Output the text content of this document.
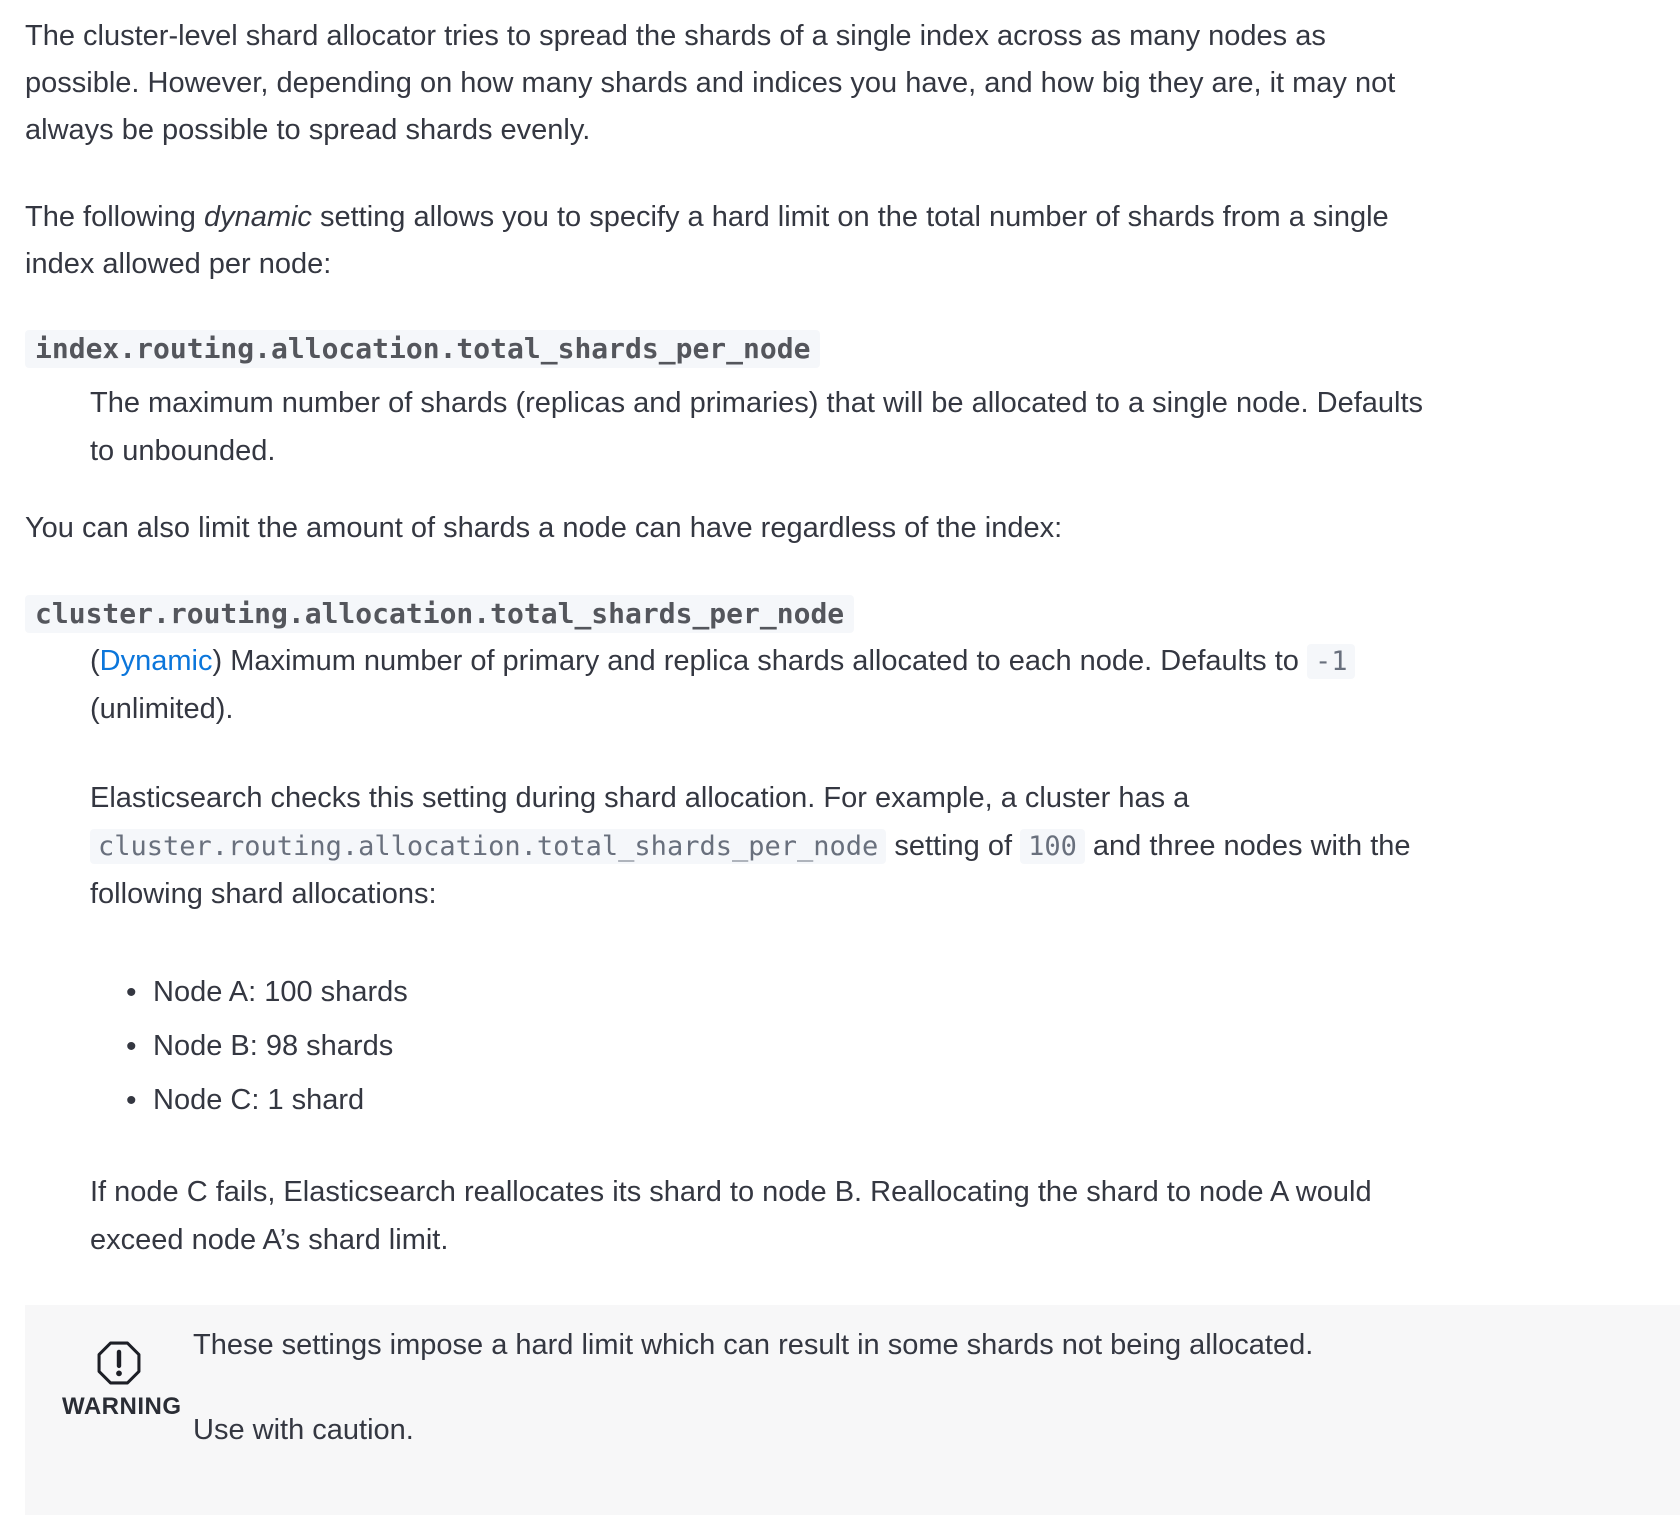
The cluster-level shard allocator tries to spread the shards of a single index across as many nodes as
possible. However, depending on how many shards and indices you have, and how big they are, it may not
always be possible to spread shards evenly.

The following dynamic setting allows you to specify a hard limit on the total number of shards from a single
index allowed per node:

index.routing.allocation.total_shards_per_node
The maximum number of shards (replicas and primaries) that will be allocated to a single node. Defaults
to unbounded.

You can also limit the amount of shards a node can have regardless of the index:

cluster.routing.allocation.total_shards_per_node
(Dynamic) Maximum number of primary and replica shards allocated to each node. Defaults to -1
(unlimited).
Elasticsearch checks this setting during shard allocation. For example, a cluster has a
cluster.routing.allocation.total_shards_per_node setting of 100 and three nodes with the
following shard allocations:
• Node A: 100 shards
• Node B: 98 shards
• Node C: 1 shard
If node C fails, Elasticsearch reallocates its shard to node B. Reallocating the shard to node A would
exceed node A’s shard limit.
WARNING

These settings impose a hard limit which can result in some shards not being allocated.

Use with caution.
